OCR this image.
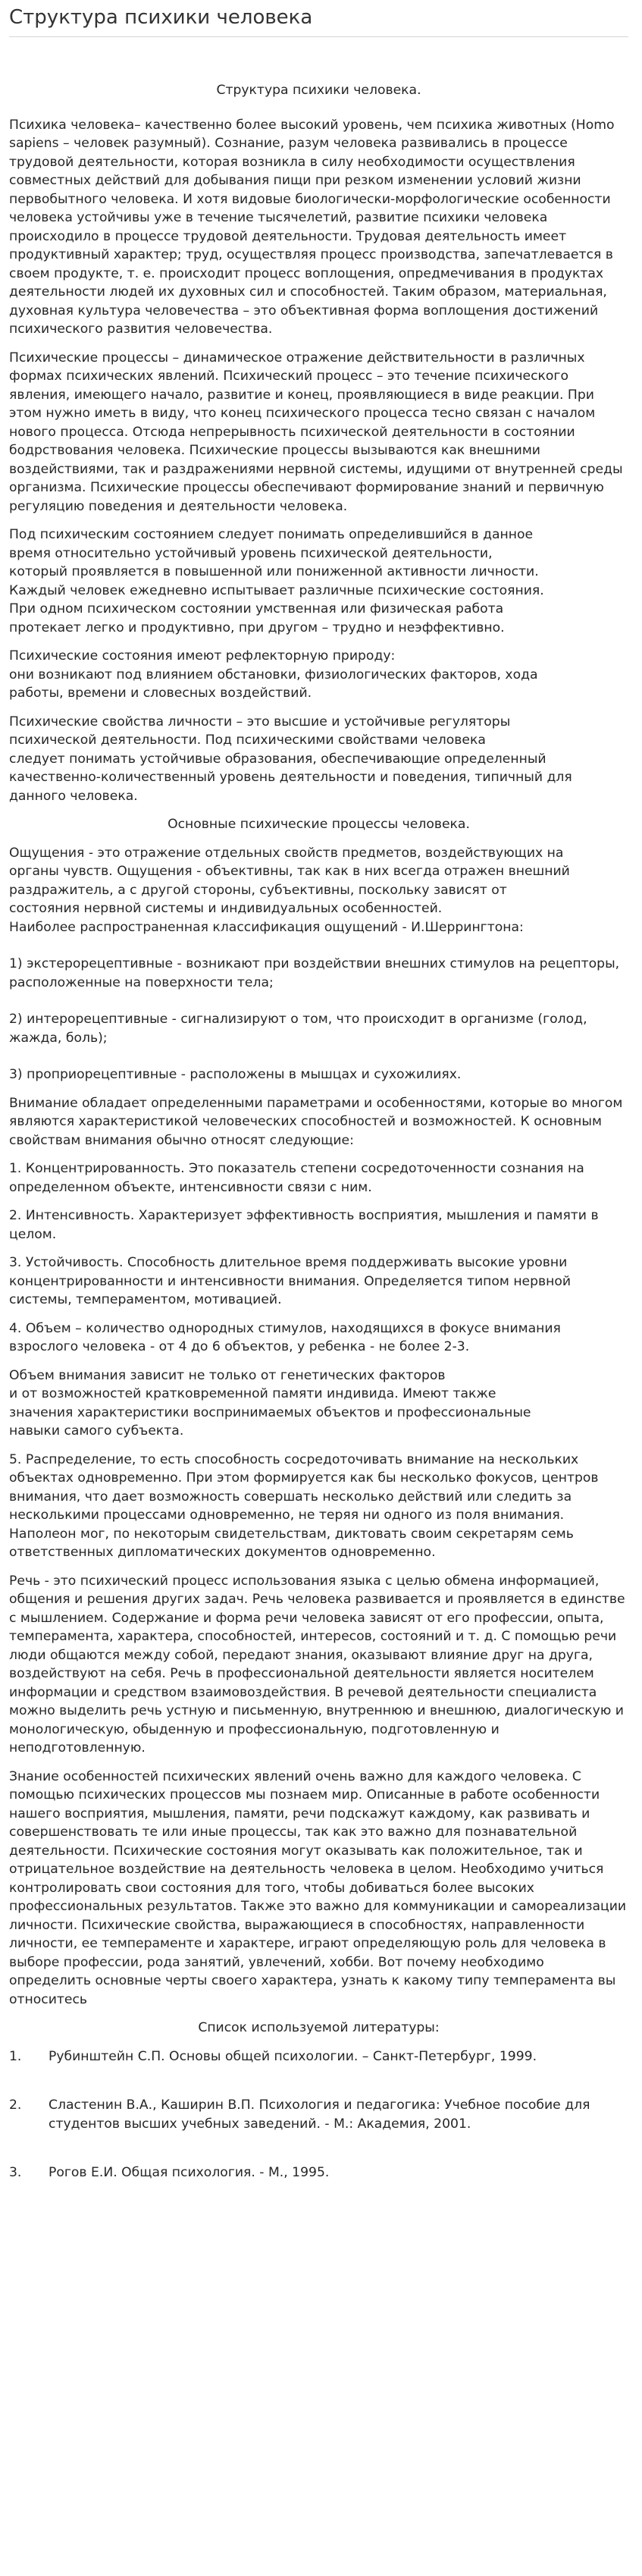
Структура психики человека

Структура психики человека.

Психика человека– качественно более высокий уровень, чем психика животных (Homo sapiens – человек разумный). Сознание, разум человека развивались в процессе трудовой деятельности, которая возникла в силу необходимости осуществления совместных действий для добывания пищи при резком изменении условий жизни первобытного человека. И хотя видовые биологически-морфологические особенности человека устойчивы уже в течение тысячелетий, развитие психики человека происходило в процессе трудовой деятельности. Трудовая деятельность имеет продуктивный характер; труд, осуществляя процесс производства, запечатлевается в своем продукте, т. е. происходит процесс воплощения, опредмечивания в продуктах деятельности людей их духовных сил и способностей. Таким образом, материальная, духовная культура человечества – это объективная форма воплощения достижений психического развития человечества.

Психические процессы – динамическое отражение действительности в различных формах психических явлений. Психический процесс – это течение психического явления, имеющего начало, развитие и конец, проявляющиеся в виде реакции. При этом нужно иметь в виду, что конец психического процесса тесно связан с началом нового процесса. Отсюда непрерывность психической деятельности в состоянии бодрствования человека. Психические процессы вызываются как внешними воздействиями, так и раздражениями нервной системы, идущими от внутренней среды организма. Психические процессы обеспечивают формирование знаний и первичную регуляцию поведения и деятельности человека.

Под психическим состоянием следует понимать определившийся в данное
время относительно устойчивый уровень психической деятельности,
который проявляется в повышенной или пониженной активности личности.
Каждый человек ежедневно испытывает различные психические состояния.
При одном психическом состоянии умственная или физическая работа
протекает легко и продуктивно, при другом – трудно и неэффективно.

Психические состояния имеют рефлекторную природу:
они возникают под влиянием обстановки, физиологических факторов, хода
работы, времени и словесных воздействий.

Психические свойства личности – это высшие и устойчивые регуляторы
психической деятельности. Под психическими свойствами человека
следует понимать устойчивые образования, обеспечивающие определенный
качественно-количественный уровень деятельности и поведения, типичный для
данного человека.

Основные психические процессы человека.

Ощущения - это отражение отдельных свойств предметов, воздействующих на
органы чувств. Ощущения - объективны, так как в них всегда отражен внешний
раздражитель, а с другой стороны, субъективны, поскольку зависят от
состояния нервной системы и индивидуальных особенностей.
Наиболее распространенная классификация ощущений - И.Шеррингтона:
1) экстерорецептивные - возникают при воздействии внешних стимулов на рецепторы, расположенные на поверхности тела;
2) интерорецептивные - сигнализируют о том, что происходит в организме (голод, жажда, боль);
3) проприорецептивные - расположены в мышцах и сухожилиях.

Внимание обладает определенными параметрами и особенностями, которые во многом являются характеристикой человеческих способностей и возможностей. К основным свойствам внимания обычно относят следующие:

1. Концентрированность. Это показатель степени сосредоточенности сознания на определенном объекте, интенсивности связи с ним.

2. Интенсивность. Характеризует эффективность восприятия, мышления и памяти в целом.

3. Устойчивость. Способность длительное время поддерживать высокие уровни концентрированности и интенсивности внимания. Определяется типом нервной системы, темпераментом, мотивацией.

4. Объем – количество однородных стимулов, находящихся в фокусе внимания взрослого человека - от 4 до 6 объектов, у ребенка - не более 2-3.

Объем внимания зависит не только от генетических факторов
и от возможностей кратковременной памяти индивида. Имеют также
значения характеристики воспринимаемых объектов и профессиональные
навыки самого субъекта.

5. Распределение, то есть способность сосредоточивать внимание на нескольких объектах одновременно. При этом формируется как бы несколько фокусов, центров внимания, что дает возможность совершать несколько действий или следить за несколькими процессами одновременно, не теряя ни одного из поля внимания. Наполеон мог, по некоторым свидетельствам, диктовать своим секретарям семь ответственных дипломатических документов одновременно.

Речь - это психический процесс использования языка с целью обмена информацией, общения и решения других задач. Речь человека развивается и проявляется в единстве с мышлением. Содержание и форма речи человека зависят от его профессии, опыта, темперамента, характера, способностей, интересов, состояний и т. д. С помощью речи люди общаются между собой, передают знания, оказывают влияние друг на друга, воздействуют на себя. Речь в профессиональной деятельности является носителем информации и средством взаимовоздействия. В речевой деятельности специалиста можно выделить речь устную и письменную, внутреннюю и внешнюю, диалогическую и монологическую, обыденную и профессиональную, подготовленную и неподготовленную.

Знание особенностей психических явлений очень важно для каждого человека. С помощью психических процессов мы познаем мир. Описанные в работе особенности нашего восприятия, мышления, памяти, речи подскажут каждому, как развивать и совершенствовать те или иные процессы, так как это важно для познавательной деятельности. Психические состояния могут оказывать как положительное, так и отрицательное воздействие на деятельность человека в целом. Необходимо учиться контролировать свои состояния для того, чтобы добиваться более высоких профессиональных результатов. Также это важно для коммуникации и самореализации личности. Психические свойства, выражающиеся в способностях, направленности личности, ее темпераменте и характере, играют определяющую роль для человека в выборе профессии, рода занятий, увлечений, хобби. Вот почему необходимо определить основные черты своего характера, узнать к какому типу темперамента вы относитесь

Список используемой литературы:

1.	Рубинштейн С.П. Основы общей психологии. – Санкт-Петербург, 1999.
2.	Сластенин В.А., Каширин В.П. Психология и педагогика: Учебное пособие для студентов высших учебных заведений. - М.: Академия, 2001.
3.	Рогов Е.И. Общая психология. - М., 1995.
